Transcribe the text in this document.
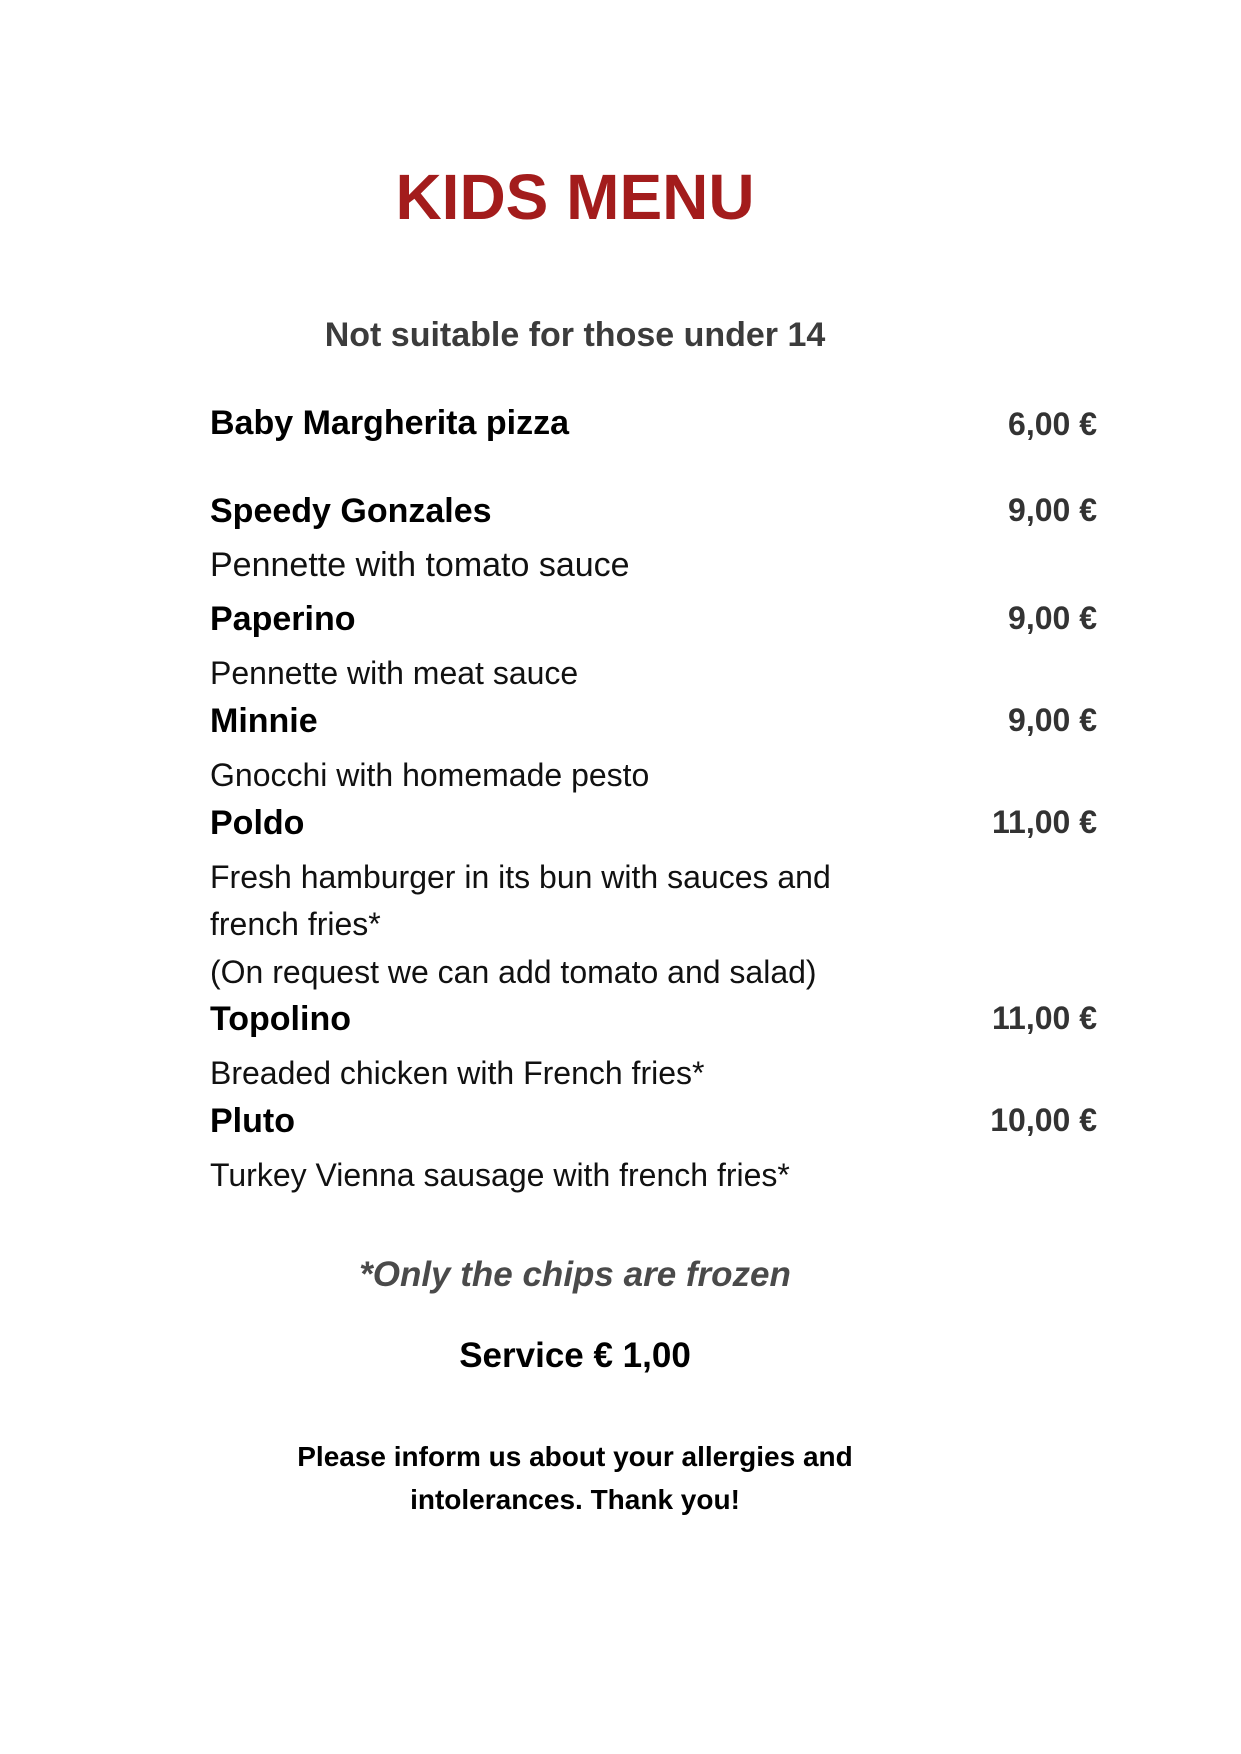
KIDS MENU
Not suitable for those under 14
Baby Margherita pizza	6,00 €
Speedy Gonzales	9,00 €
Pennette with tomato sauce
Paperino	9,00 €
Pennette with meat sauce
Minnie	9,00 €
Gnocchi with homemade pesto
Poldo	11,00 €
Fresh hamburger in its bun with sauces and
french fries*
(On request we can add tomato and salad)
Topolino	11,00 €
Breaded chicken with French fries*
Pluto	10,00 €
Turkey Vienna sausage with french fries*
*Only the chips are frozen
Service € 1,00
Please inform us about your allergies and
intolerances. Thank you!
